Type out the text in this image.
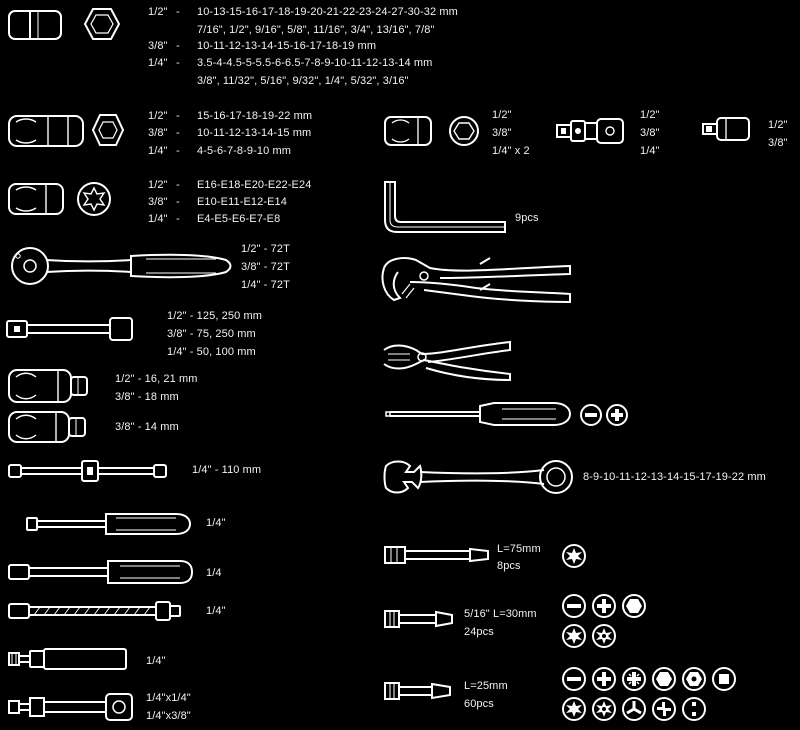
1/2" - 10-13-15-16-17-18-19-20-21-22-23-24-27-30-32 mm
7/16", 1/2", 9/16", 5/8", 11/16", 3/4", 13/16", 7/8"
3/8" - 10-11-12-13-14-15-16-17-18-19 mm
1/4" - 3.5-4-4.5-5-5.5-6-6.5-7-8-9-10-11-12-13-14 mm
3/8", 11/32", 5/16", 9/32", 1/4", 5/32", 3/16"
1/2" - 15-16-17-18-19-22 mm
3/8" - 10-11-12-13-14-15 mm
1/4" - 4-5-6-7-8-9-10 mm
1/2" - E16-E18-E20-E22-E24
3/8" - E10-E11-E12-E14
1/4" - E4-E5-E6-E7-E8
1/2" - 72T
3/8" - 72T
1/4" - 72T
1/2" - 125, 250 mm
3/8" - 75, 250 mm
1/4" - 50, 100 mm
1/2" - 16, 21 mm
3/8" - 18 mm
3/8" - 14 mm
1/4" - 110 mm
1/4"
1/4
1/4"
1/4"
1/4"x1/4"
1/4"x3/8"
1/2"
3/8"
1/4" x 2
1/2"
3/8"
1/4"
1/2"
3/8"
9pcs
8-9-10-11-12-13-14-15-17-19-22 mm
L=75mm
8pcs
5/16" L=30mm
24pcs
L=25mm
60pcs
